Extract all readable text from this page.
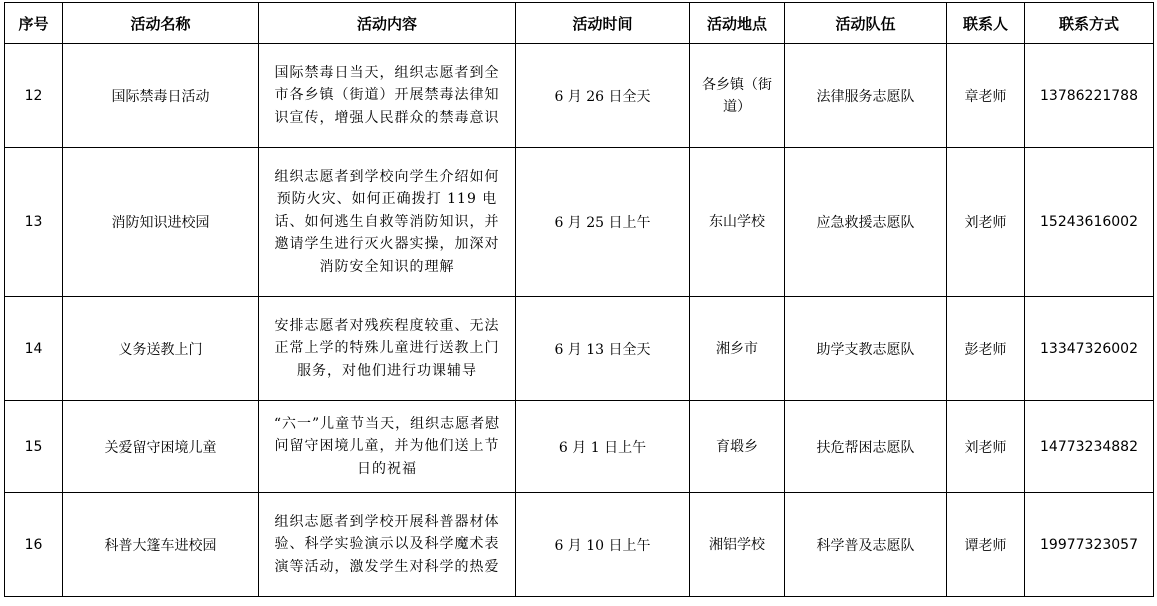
序号	活动名称	活动内容	活动时间	活动地点	活动队伍	联系人	联系方式
12	国际禁毒日活动	国际禁毒日当天，组织志愿者到全市各乡镇（街道）开展禁毒法律知识宣传，增强人民群众的禁毒意识	6 月 26 日全天	各乡镇（街道）	法律服务志愿队	章老师	13786221788
13	消防知识进校园	组织志愿者到学校向学生介绍如何预防火灾、如何正确拨打 119 电话、如何逃生自救等消防知识，并邀请学生进行灭火器实操，加深对消防安全知识的理解	6 月 25 日上午	东山学校	应急救援志愿队	刘老师	15243616002
14	义务送教上门	安排志愿者对残疾程度较重、无法正常上学的特殊儿童进行送教上门服务，对他们进行功课辅导	6 月 13 日全天	湘乡市	助学支教志愿队	彭老师	13347326002
15	关爱留守困境儿童	“六一”儿童节当天，组织志愿者慰问留守困境儿童，并为他们送上节日的祝福	6 月 1 日上午	育塅乡	扶危帮困志愿队	刘老师	14773234882
16	科普大篷车进校园	组织志愿者到学校开展科普器材体验、科学实验演示以及科学魔术表演等活动，激发学生对科学的热爱	6 月 10 日上午	湘铝学校	科学普及志愿队	谭老师	19977323057
